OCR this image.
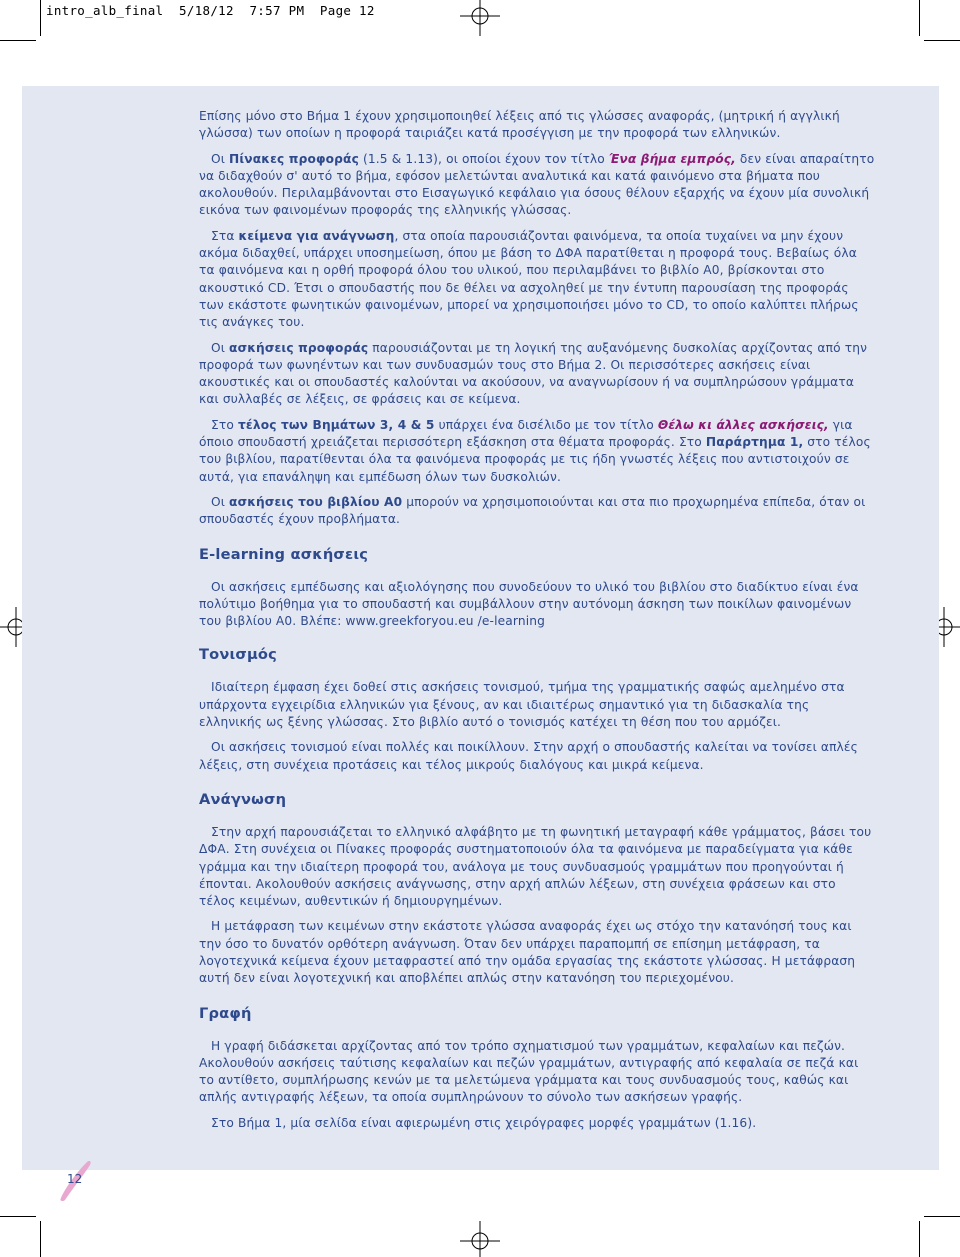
intro_alb_final 5/18/12 7:57 PM Page 12
12

Επίσης μόνο στο Βήμα 1 έχουν χρησιμοποιηθεί λέξεις από τις γλώσσες αναφοράς, (μητρική ή αγγλική γλώσσα) των οποίων η προφορά ταιριάζει κατά προσέγγιση με την προφορά των ελληνικών.

Οι Πίνακες προφοράς (1.5 & 1.13), οι οποίοι έχουν τον τίτλο Ένα βήμα εμπρός, δεν είναι απαραίτητο να διδαχθούν σ' αυτό το βήμα, εφόσον μελετώνται αναλυτικά και κατά φαινόμενο στα βήματα που ακολουθούν. Περιλαμβάνονται στο Εισαγωγικό κεφάλαιο για όσους θέλουν εξαρχής να έχουν μία συνολική εικόνα των φαινομένων προφοράς της ελληνικής γλώσσας.

Στα κείμενα για ανάγνωση, στα οποία παρουσιάζονται φαινόμενα, τα οποία τυχαίνει να μην έχουν ακόμα διδαχθεί, υπάρχει υποσημείωση, όπου με βάση το ΔΦΑ παρατίθεται η προφορά τους. Βεβαίως όλα τα φαινόμενα και η ορθή προφορά όλου του υλικού, που περιλαμβάνει το βιβλίο Α0, βρίσκονται στο ακουστικό CD. Έτσι ο σπουδαστής που δε θέλει να ασχοληθεί με την έντυπη παρουσίαση της προφοράς των εκάστοτε φωνητικών φαινομένων, μπορεί να χρησιμοποιήσει μόνο το CD, το οποίο καλύπτει πλήρως τις ανάγκες του.

Οι ασκήσεις προφοράς παρουσιάζονται με τη λογική της αυξανόμενης δυσκολίας αρχίζοντας από την προφορά των φωνηέντων και των συνδυασμών τους στο Βήμα 2. Οι περισσότερες ασκήσεις είναι ακουστικές και οι σπουδαστές καλούνται να ακούσουν, να αναγνωρίσουν ή να συμπληρώσουν γράμματα και συλλαβές σε λέξεις, σε φράσεις και σε κείμενα.

Στο τέλος των Βημάτων 3, 4 & 5 υπάρχει ένα δισέλιδο με τον τίτλο Θέλω κι άλλες ασκήσεις, για όποιο σπουδαστή χρειάζεται περισσότερη εξάσκηση στα θέματα προφοράς. Στο Παράρτημα 1, στο τέλος του βιβλίου, παρατίθενται όλα τα φαινόμενα προφοράς με τις ήδη γνωστές λέξεις που αντιστοιχούν σε αυτά, για επανάληψη και εμπέδωση όλων των δυσκολιών.

Οι ασκήσεις του βιβλίου Α0 μπορούν να χρησιμοποιούνται και στα πιο προχωρημένα επίπεδα, όταν οι σπουδαστές έχουν προβλήματα.

E-learning ασκήσεις

Οι ασκήσεις εμπέδωσης και αξιολόγησης που συνοδεύουν το υλικό του βιβλίου στο διαδίκτυο είναι ένα πολύτιμο βοήθημα για το σπουδαστή και συμβάλλουν στην αυτόνομη άσκηση των ποικίλων φαινομένων του βιβλίου Α0. Βλέπε: www.greekforyou.eu /e-learning

Τονισμός

Ιδιαίτερη έμφαση έχει δοθεί στις ασκήσεις τονισμού, τμήμα της γραμματικής σαφώς αμελημένο στα υπάρχοντα εγχειρίδια ελληνικών για ξένους, αν και ιδιαιτέρως σημαντικό για τη διδασκαλία της ελληνικής ως ξένης γλώσσας. Στο βιβλίο αυτό ο τονισμός κατέχει τη θέση που του αρμόζει.

Οι ασκήσεις τονισμού είναι πολλές και ποικίλλουν. Στην αρχή ο σπουδαστής καλείται να τονίσει απλές λέξεις, στη συνέχεια προτάσεις και τέλος μικρούς διαλόγους και μικρά κείμενα.

Ανάγνωση

Στην αρχή παρουσιάζεται το ελληνικό αλφάβητο με τη φωνητική μεταγραφή κάθε γράμματος, βάσει του ΔΦΑ. Στη συνέχεια οι Πίνακες προφοράς συστηματοποιούν όλα τα φαινόμενα με παραδείγματα για κάθε γράμμα και την ιδιαίτερη προφορά του, ανάλογα με τους συνδυασμούς γραμμάτων που προηγούνται ή έπονται. Ακολουθούν ασκήσεις ανάγνωσης, στην αρχή απλών λέξεων, στη συνέχεια φράσεων και στο τέλος κειμένων, αυθεντικών ή δημιουργημένων.

Η μετάφραση των κειμένων στην εκάστοτε γλώσσα αναφοράς έχει ως στόχο την κατανόησή τους και την όσο το δυνατόν ορθότερη ανάγνωση. Όταν δεν υπάρχει παραπομπή σε επίσημη μετάφραση, τα λογοτεχνικά κείμενα έχουν μεταφραστεί από την ομάδα εργασίας της εκάστοτε γλώσσας. Η μετάφραση αυτή δεν είναι λογοτεχνική και αποβλέπει απλώς στην κατανόηση του περιεχομένου.

Γραφή

Η γραφή διδάσκεται αρχίζοντας από τον τρόπο σχηματισμού των γραμμάτων, κεφαλαίων και πεζών. Ακολουθούν ασκήσεις ταύτισης κεφαλαίων και πεζών γραμμάτων, αντιγραφής από κεφαλαία σε πεζά και το αντίθετο, συμπλήρωσης κενών με τα μελετώμενα γράμματα και τους συνδυασμούς τους, καθώς και απλής αντιγραφής λέξεων, τα οποία συμπληρώνουν το σύνολο των ασκήσεων γραφής.

Στο Βήμα 1, μία σελίδα είναι αφιερωμένη στις χειρόγραφες μορφές γραμμάτων (1.16).
